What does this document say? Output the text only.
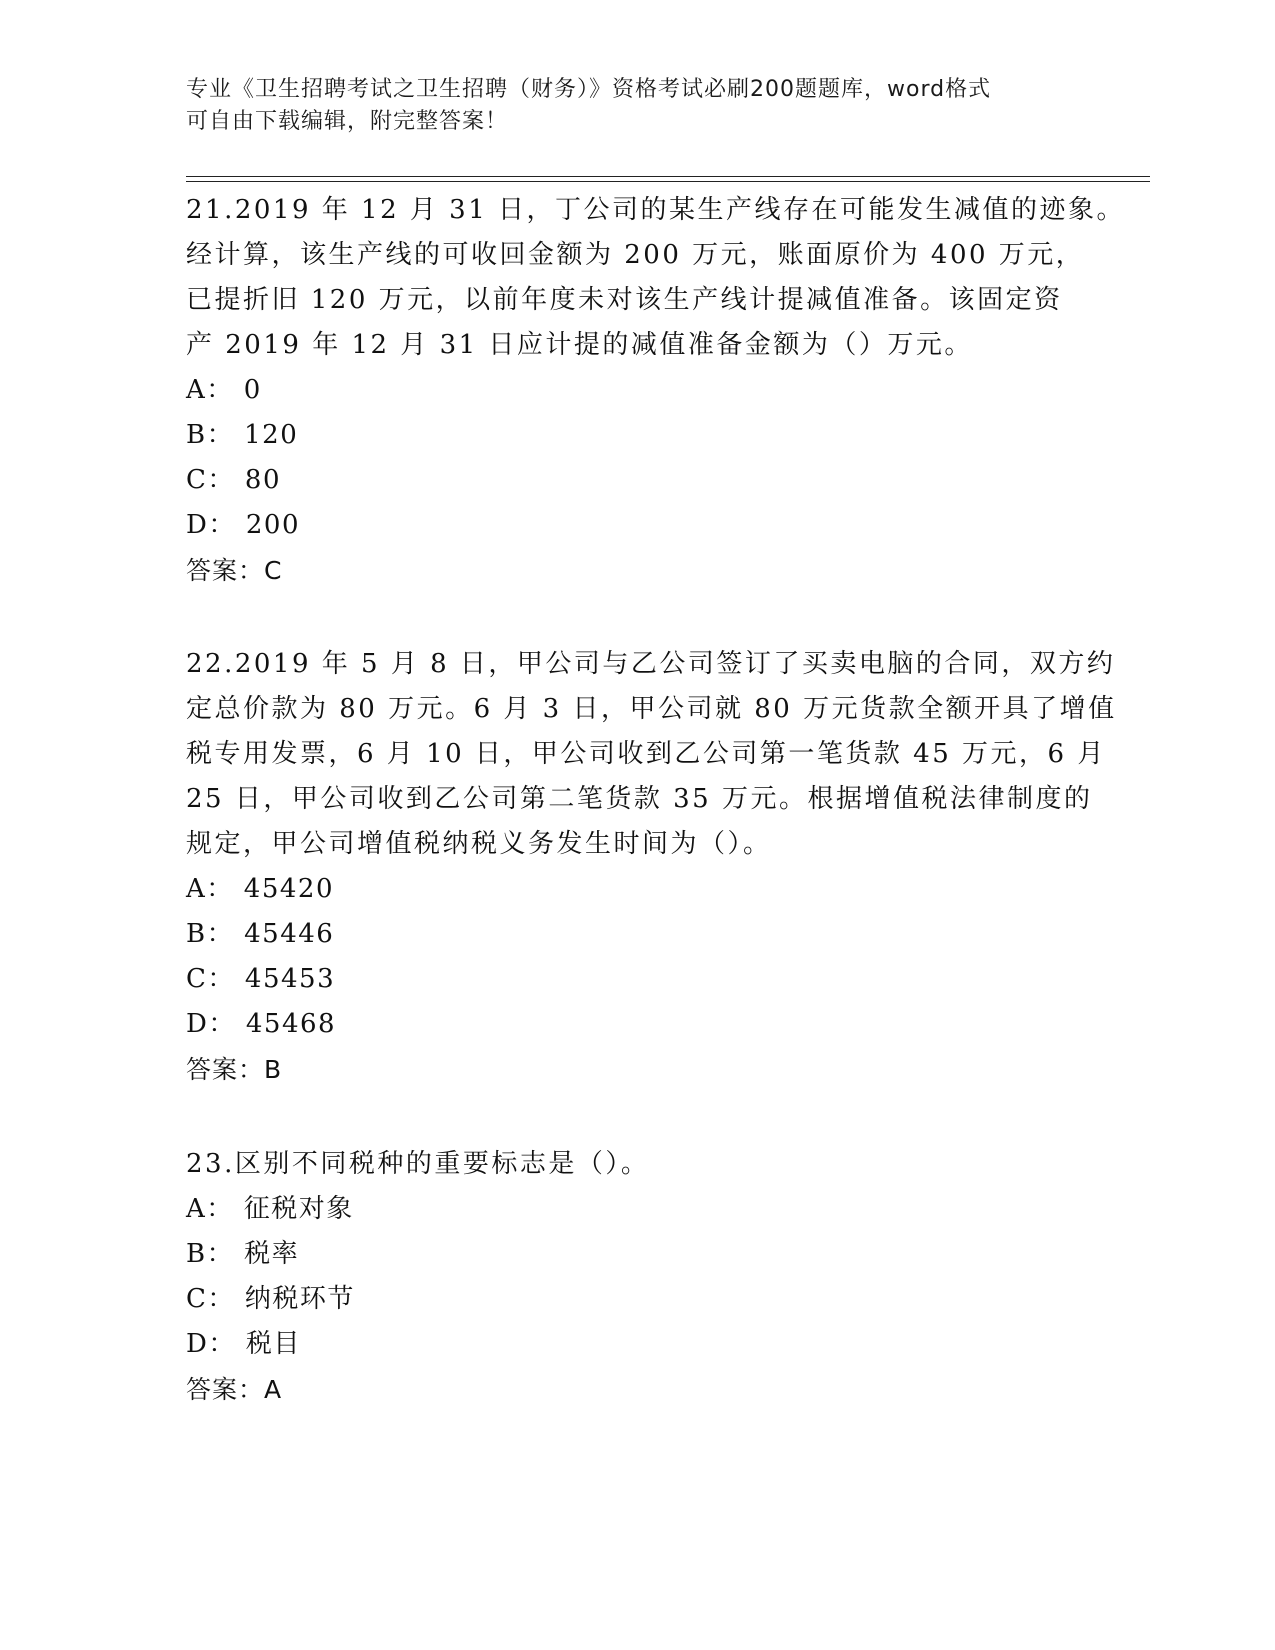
专业《卫生招聘考试之卫生招聘（财务）》资格考试必刷200题题库，word格式
可自由下载编辑，附完整答案！
21.2019 年 12 月 31 日，丁公司的某生产线存在可能发生减值的迹象。
经计算，该生产线的可收回金额为 200 万元，账面原价为 400 万元，
已提折旧 120 万元，以前年度未对该生产线计提减值准备。该固定资
产 2019 年 12 月 31 日应计提的减值准备金额为（）万元。
A： 0
B： 120
C： 80
D： 200
答案：C
22.2019 年 5 月 8 日，甲公司与乙公司签订了买卖电脑的合同，双方约
定总价款为 80 万元。6 月 3 日，甲公司就 80 万元货款全额开具了增值
税专用发票，6 月 10 日，甲公司收到乙公司第一笔货款 45 万元，6 月
25 日，甲公司收到乙公司第二笔货款 35 万元。根据增值税法律制度的
规定，甲公司增值税纳税义务发生时间为（）。
A： 45420
B： 45446
C： 45453
D： 45468
答案：B
23.区别不同税种的重要标志是（）。
A： 征税对象
B： 税率
C： 纳税环节
D： 税目
答案：A
